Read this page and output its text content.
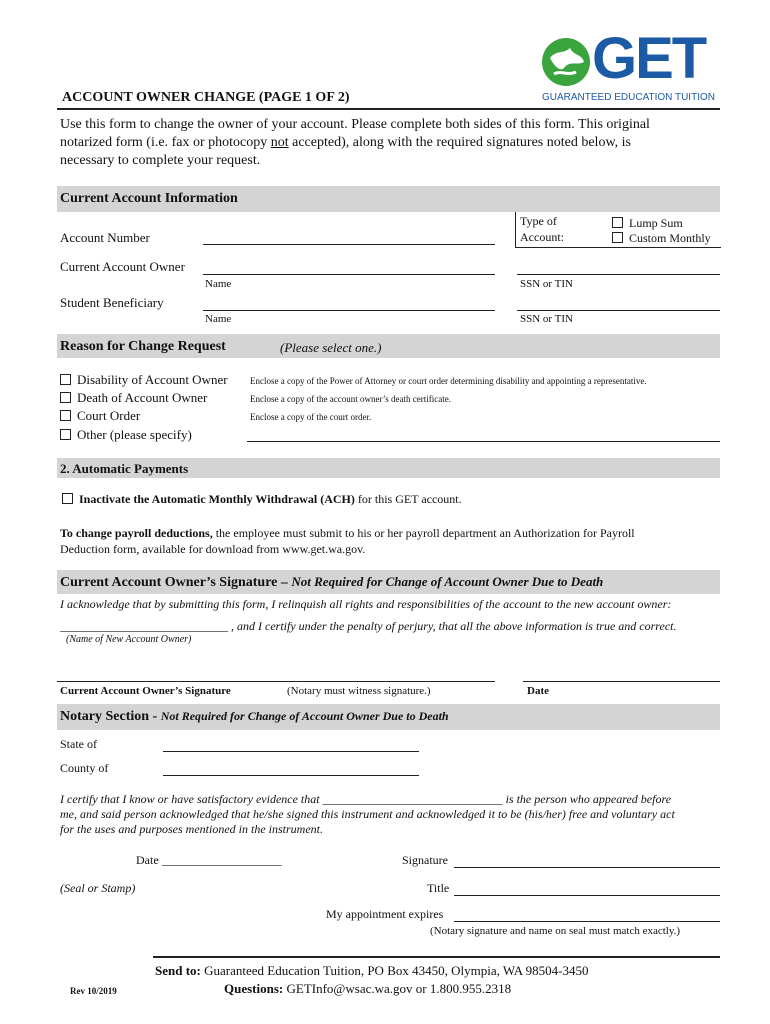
GET
GUARANTEED EDUCATION TUITION
ACCOUNT OWNER CHANGE (PAGE 1 OF 2)
Use this form to change the owner of your account. Please complete both sides of this form. This original
notarized form (i.e. fax or photocopy not accepted), along with the required signatures noted below, is
necessary to complete your request.
Current Account Information
Account Number
Type of
Account:
Lump Sum
Custom Monthly
Current Account Owner
Name	SSN or TIN
Student Beneficiary
Name	SSN or TIN
Reason for Change Request	(Please select one.)
Disability of Account Owner Enclose a copy of the Power of Attorney or court order determining disability and appointing a representative.
Death of Account Owner	Enclose a copy of the account owner’s death certificate.
Court Order	Enclose a copy of the court order.
Other (please specify)
2. Automatic Payments
Inactivate the Automatic Monthly Withdrawal (ACH) for this GET account.
To change payroll deductions, the employee must submit to his or her payroll department an Authorization for Payroll
Deduction form, available for download from www.get.wa.gov.
Current Account Owner’s Signature – Not Required for Change of Account Owner Due to Death
I acknowledge that by submitting this form, I relinquish all rights and responsibilities of the account to the new account owner:
____________________________ , and I certify under the penalty of perjury, that all the above information is true and correct.
(Name of New Account Owner)
Current Account Owner’s Signature	(Notary must witness signature.)	Date
Notary Section - Not Required for Change of Account Owner Due to Death
State of
County of
I certify that I know or have satisfactory evidence that ______________________________ is the person who appeared before
me, and said person acknowledged that he/she signed this instrument and acknowledged it to be (his/her) free and voluntary act
for the uses and purposes mentioned in the instrument.
Date ____________________	Signature
(Seal or Stamp)	Title
My appointment expires
(Notary signature and name on seal must match exactly.)
Send to: Guaranteed Education Tuition, PO Box 43450, Olympia, WA 98504-3450
Questions: GETInfo@wsac.wa.gov or 1.800.955.2318
Rev 10/2019
